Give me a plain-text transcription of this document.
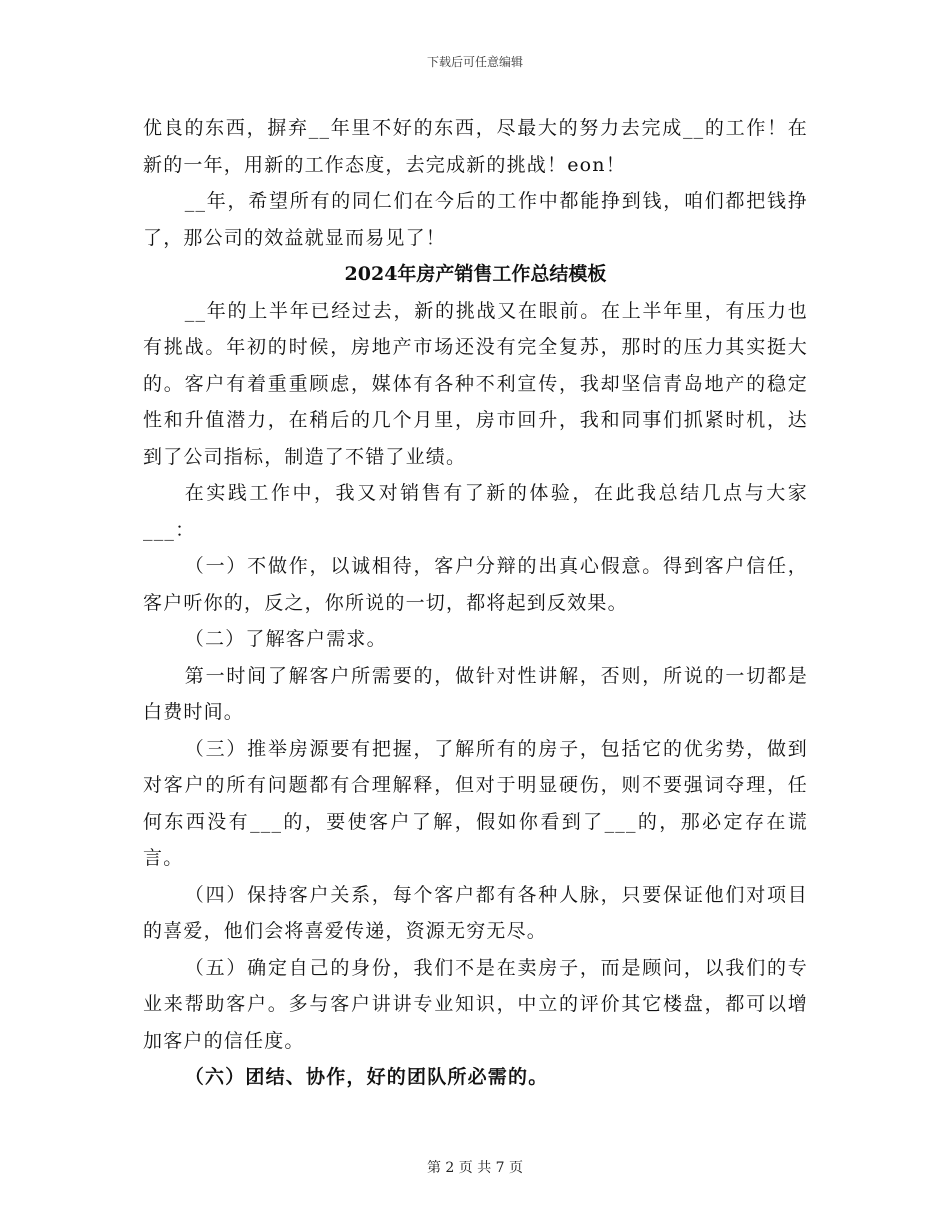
下载后可任意编辑

优良的东西，摒弃__年里不好的东西，尽最大的努力去完成__的工作！在新的一年，用新的工作态度，去完成新的挑战！eon！

__年，希望所有的同仁们在今后的工作中都能挣到钱，咱们都把钱挣了，那公司的效益就显而易见了！

2024年房产销售工作总结模板

__年的上半年已经过去，新的挑战又在眼前。在上半年里，有压力也有挑战。年初的时候，房地产市场还没有完全复苏，那时的压力其实挺大的。客户有着重重顾虑，媒体有各种不利宣传，我却坚信青岛地产的稳定性和升值潜力，在稍后的几个月里，房市回升，我和同事们抓紧时机，达到了公司指标，制造了不错了业绩。

在实践工作中，我又对销售有了新的体验，在此我总结几点与大家___：

（一）不做作，以诚相待，客户分辩的出真心假意。得到客户信任，客户听你的，反之，你所说的一切，都将起到反效果。

（二）了解客户需求。

第一时间了解客户所需要的，做针对性讲解，否则，所说的一切都是白费时间。

（三）推举房源要有把握，了解所有的房子，包括它的优劣势，做到对客户的所有问题都有合理解释，但对于明显硬伤，则不要强词夺理，任何东西没有___的，要使客户了解，假如你看到了___的，那必定存在谎言。

（四）保持客户关系，每个客户都有各种人脉，只要保证他们对项目的喜爱，他们会将喜爱传递，资源无穷无尽。

（五）确定自己的身份，我们不是在卖房子，而是顾问，以我们的专业来帮助客户。多与客户讲讲专业知识，中立的评价其它楼盘，都可以增加客户的信任度。

（六）团结、协作，好的团队所必需的。

第 2 页 共 7 页
